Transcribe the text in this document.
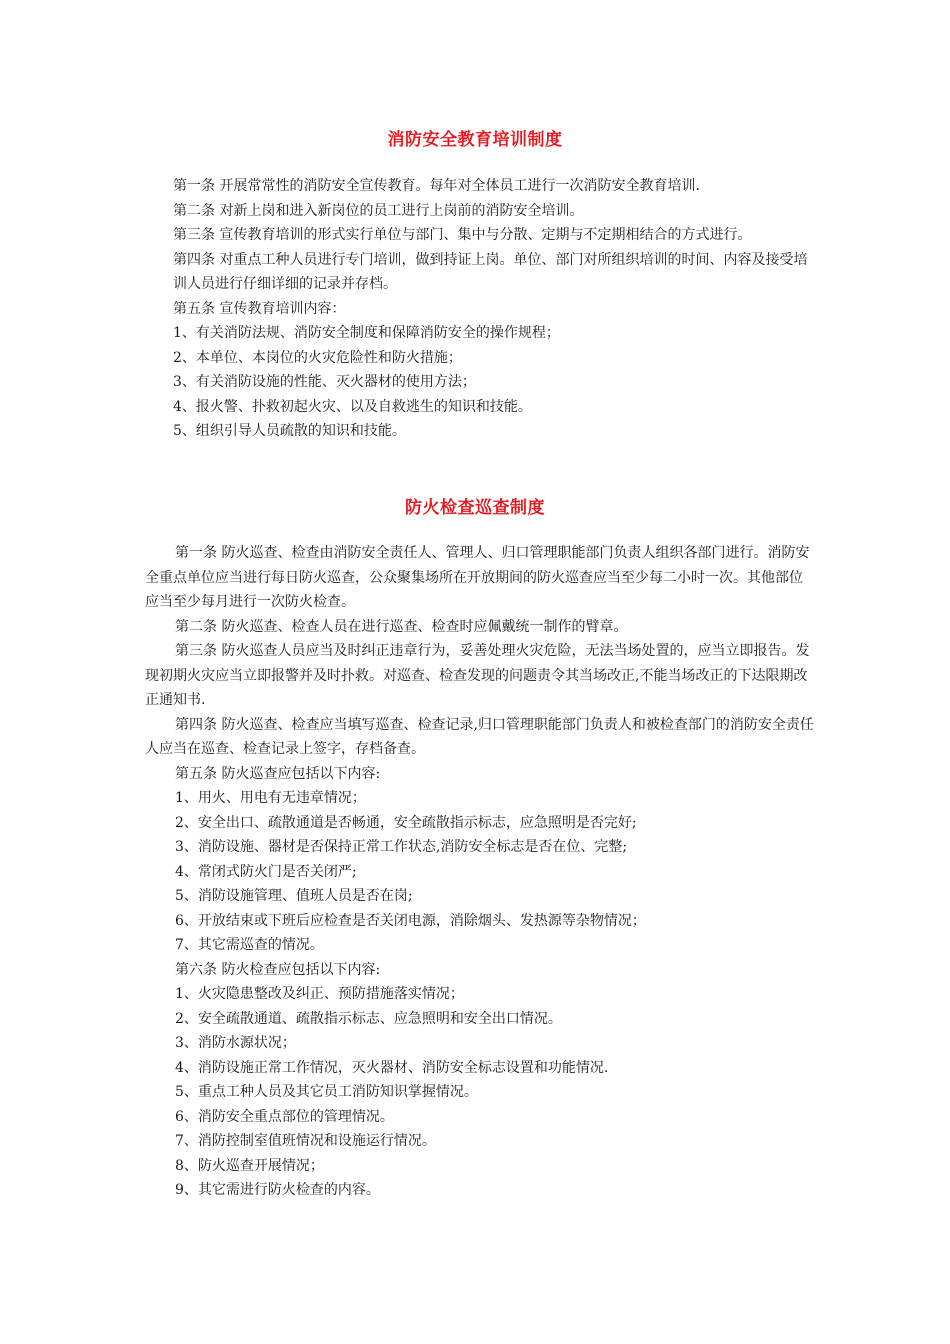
消防安全教育培训制度

第一条 开展常常性的消防安全宣传教育。每年对全体员工进行一次消防安全教育培训.

第二条 对新上岗和进入新岗位的员工进行上岗前的消防安全培训。

第三条 宣传教育培训的形式实行单位与部门、集中与分散、定期与不定期相结合的方式进行。

第四条 对重点工种人员进行专门培训，做到持证上岗。单位、部门对所组织培训的时间、内容及接受培训人员进行仔细详细的记录并存档。

第五条 宣传教育培训内容：

1、有关消防法规、消防安全制度和保障消防安全的操作规程；

2、本单位、本岗位的火灾危险性和防火措施；

3、有关消防设施的性能、灭火器材的使用方法；

4、报火警、扑救初起火灾、以及自救逃生的知识和技能。

5、组织引导人员疏散的知识和技能。

防火检查巡查制度

第一条 防火巡查、检查由消防安全责任人、管理人、归口管理职能部门负责人组织各部门进行。消防安全重点单位应当进行每日防火巡查，公众聚集场所在开放期间的防火巡查应当至少每二小时一次。其他部位应当至少每月进行一次防火检查。

第二条 防火巡查、检查人员在进行巡查、检查时应佩戴统一制作的臂章。

第三条 防火巡查人员应当及时纠正违章行为，妥善处理火灾危险，无法当场处置的，应当立即报告。发现初期火灾应当立即报警并及时扑救。对巡查、检查发现的问题责令其当场改正,不能当场改正的下达限期改正通知书.

第四条 防火巡查、检查应当填写巡查、检查记录,归口管理职能部门负责人和被检查部门的消防安全责任人应当在巡查、检查记录上签字，存档备查。

第五条 防火巡查应包括以下内容:

1、用火、用电有无违章情况；

2、安全出口、疏散通道是否畅通，安全疏散指示标志，应急照明是否完好;

3、消防设施、器材是否保持正常工作状态,消防安全标志是否在位、完整;

4、常闭式防火门是否关闭严;

5、消防设施管理、值班人员是否在岗;

6、开放结束或下班后应检查是否关闭电源，消除烟头、发热源等杂物情况；

7、其它需巡查的情况。

第六条 防火检查应包括以下内容:

1、火灾隐患整改及纠正、预防措施落实情况；

2、安全疏散通道、疏散指示标志、应急照明和安全出口情况。

3、消防水源状况；

4、消防设施正常工作情况，灭火器材、消防安全标志设置和功能情况.

5、重点工种人员及其它员工消防知识掌握情况。

6、消防安全重点部位的管理情况。

7、消防控制室值班情况和设施运行情况。

8、防火巡查开展情况；

9、其它需进行防火检查的内容。
